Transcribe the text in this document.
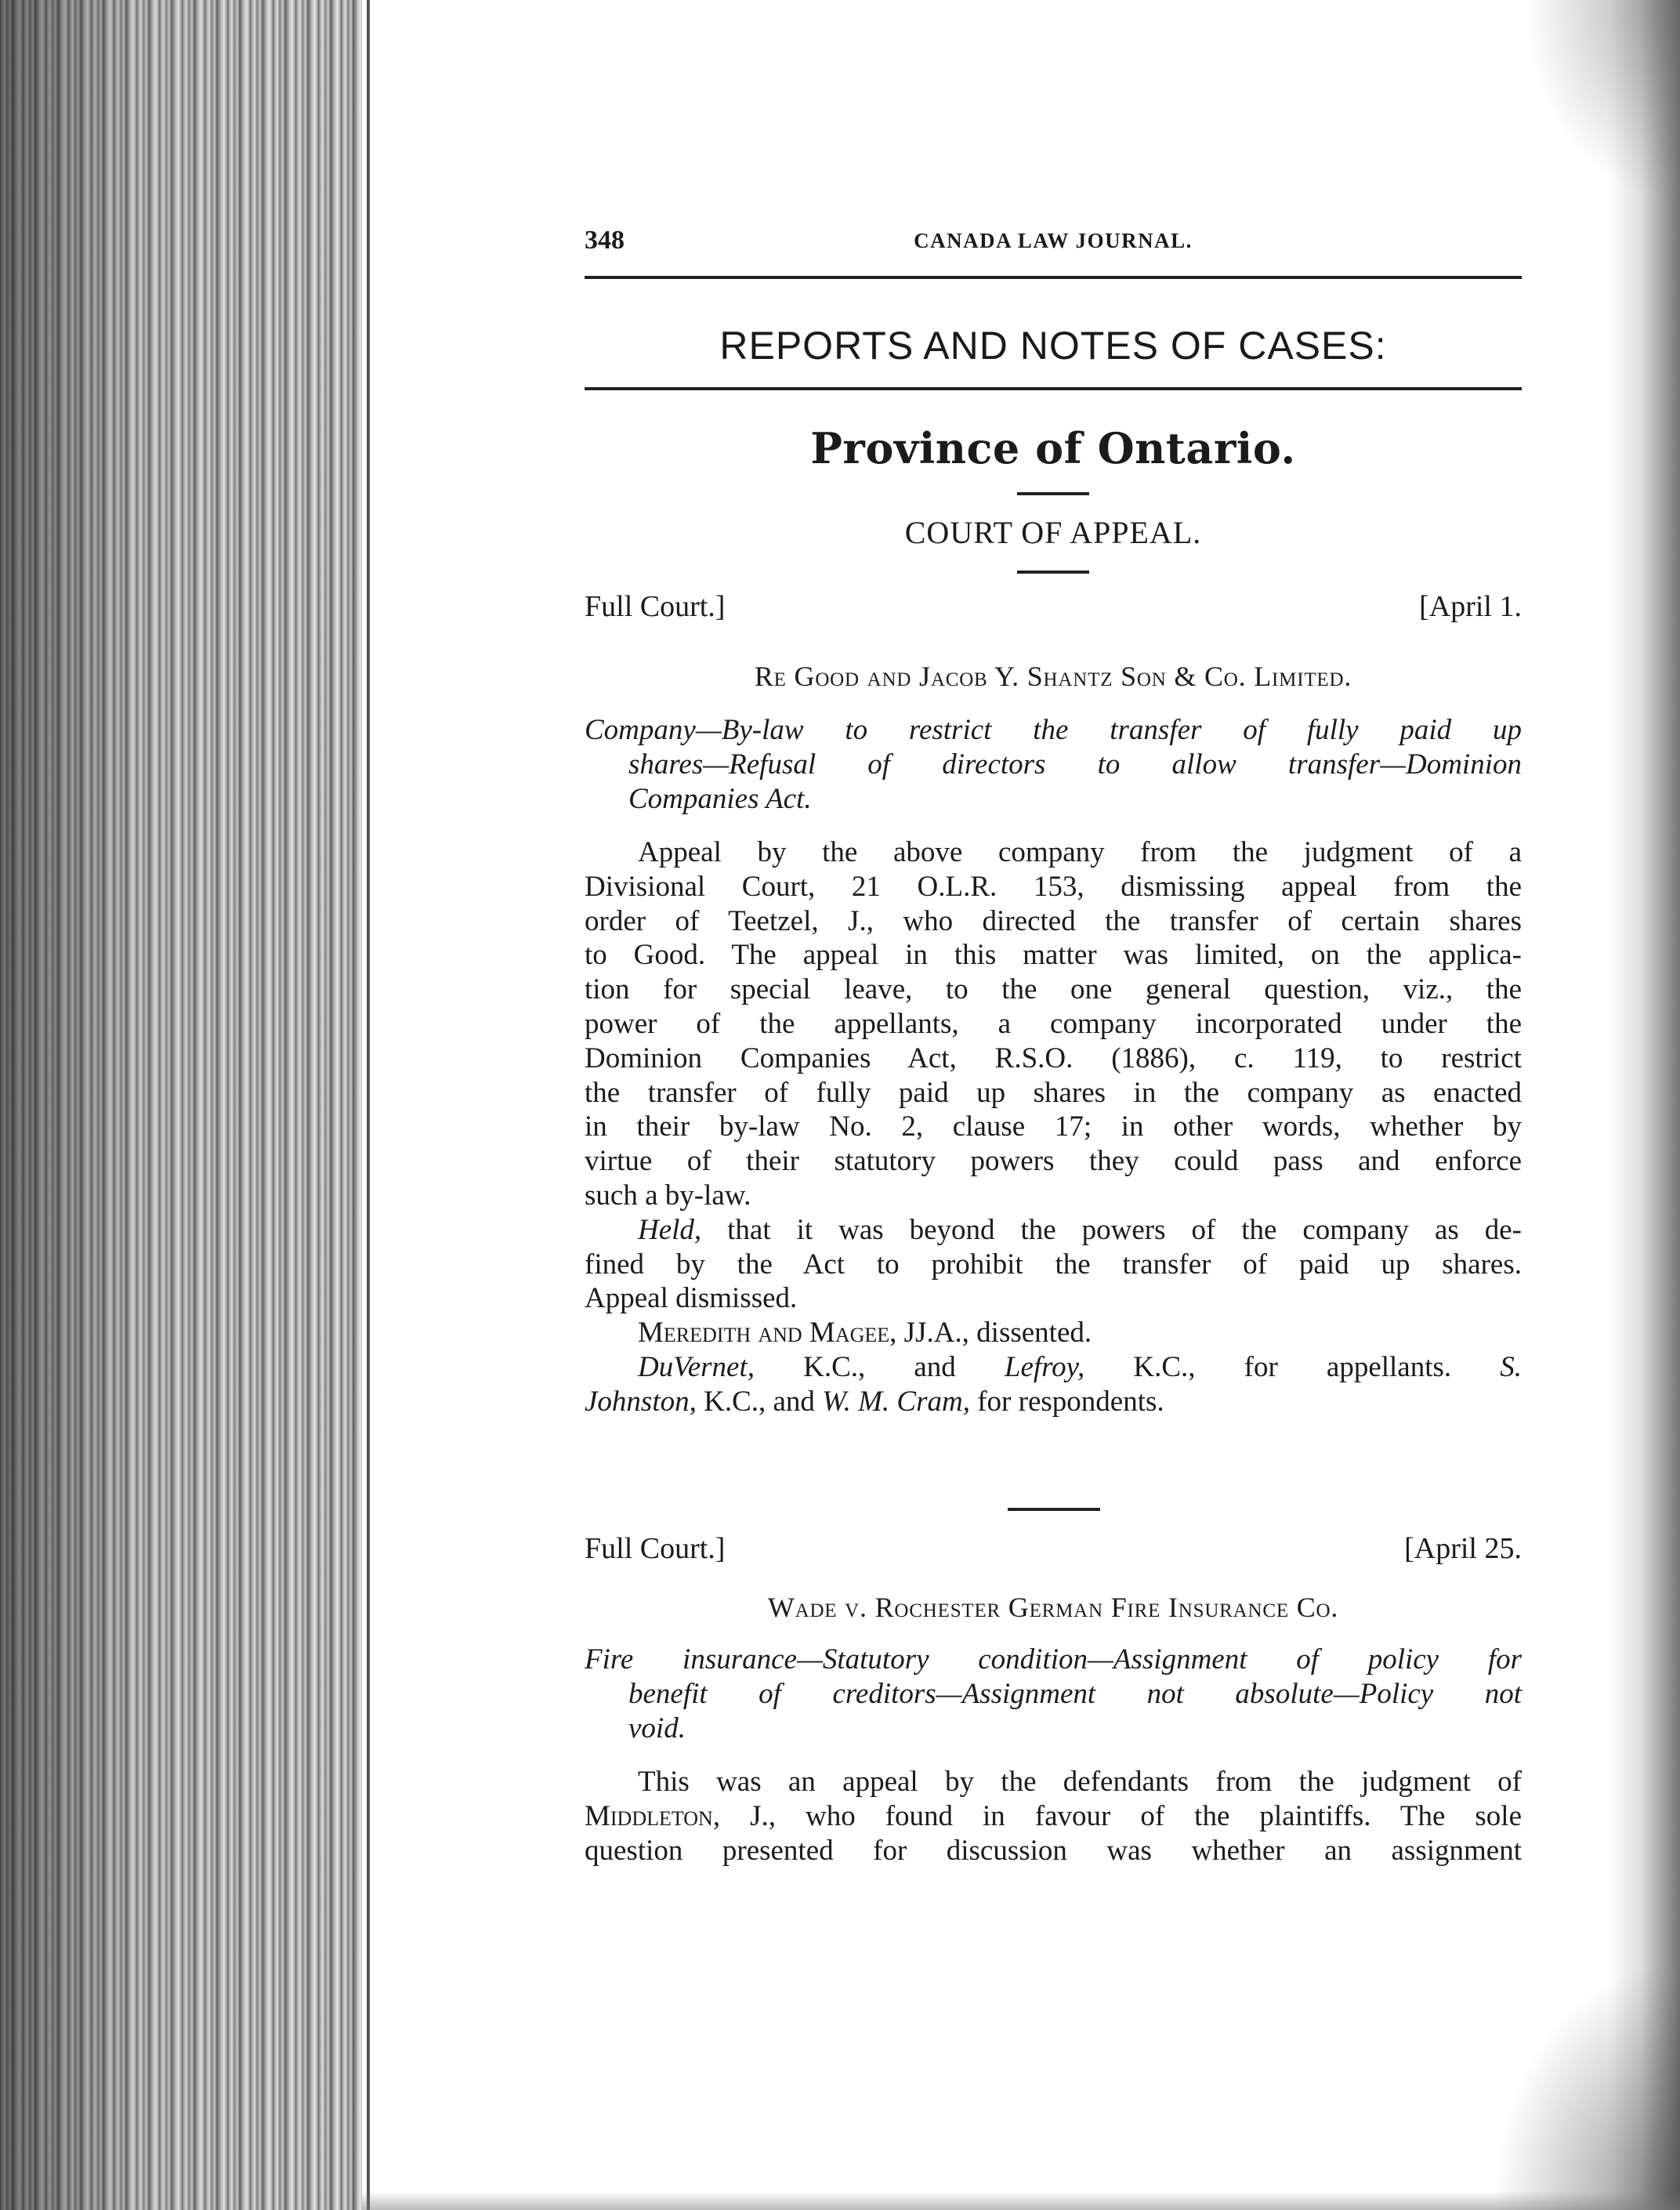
348	CANADA LAW JOURNAL.
REPORTS AND NOTES OF CASES:
Province of Ontario.
COURT OF APPEAL.
Full Court.]	[April 1.
Re Good and Jacob Y. Shantz Son & Co. Limited.
Company—By-law to restrict the transfer of fully paid up
shares—Refusal of directors to allow transfer—Dominion
Companies Act.
Appeal by the above company from the judgment of a
Divisional Court, 21 O.L.R. 153, dismissing appeal from the
order of Teetzel, J., who directed the transfer of certain shares
to Good. The appeal in this matter was limited, on the applica-
tion for special leave, to the one general question, viz., the
power of the appellants, a company incorporated under the
Dominion Companies Act, R.S.O. (1886), c. 119, to restrict
the transfer of fully paid up shares in the company as enacted
in their by-law No. 2, clause 17; in other words, whether by
virtue of their statutory powers they could pass and enforce
such a by-law.
Held, that it was beyond the powers of the company as de-
fined by the Act to prohibit the transfer of paid up shares.
Appeal dismissed.
Meredith and Magee, JJ.A., dissented.
DuVernet, K.C., and Lefroy, K.C., for appellants. S.
Johnston, K.C., and W. M. Cram, for respondents.
Full Court.]	[April 25.
Wade v. Rochester German Fire Insurance Co.
Fire insurance—Statutory condition—Assignment of policy for
benefit of creditors—Assignment not absolute—Policy not
void.
This was an appeal by the defendants from the judgment of
Middleton, J., who found in favour of the plaintiffs. The sole
question presented for discussion was whether an assignment
